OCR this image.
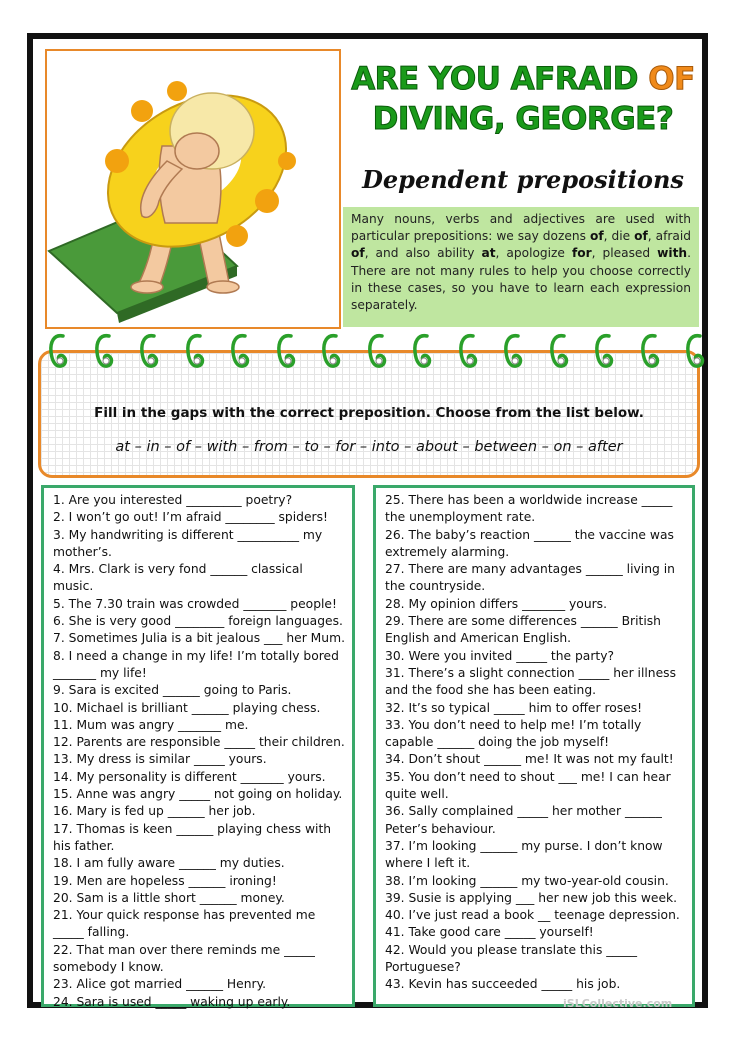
ARE YOU AFRAID OF
DIVING, GEORGE?
Dependent prepositions
Many nouns, verbs and adjectives are used with particular prepositions: we say dozens of, die of, afraid of, and also ability at, apologize for, pleased with. There are not many rules to help you choose correctly in these cases, so you have to learn each expression separately.
Fill in the gaps with the correct preposition. Choose from the list below.
at – in – of – with – from – to – for – into – about – between – on – after
1. Are you interested _________ poetry?
2. I won’t go out! I’m afraid ________ spiders!
3. My handwriting is different __________ my mother’s.
4. Mrs. Clark is very fond ______ classical music.
5. The 7.30 train was crowded _______ people!
6. She is very good ________ foreign languages.
7. Sometimes Julia is a bit jealous ___ her Mum.
8. I need a change in my life! I’m totally bored _______ my life!
9. Sara is excited ______ going to Paris.
10. Michael is brilliant ______ playing chess.
11. Mum was angry _______ me.
12. Parents are responsible _____ their children.
13. My dress is similar _____ yours.
14. My personality is different _______ yours.
15. Anne was angry _____ not going on holiday.
16. Mary is fed up ______ her job.
17. Thomas is keen ______ playing chess with his father.
18. I am fully aware ______ my duties.
19. Men are hopeless ______ ironing!
20. Sam is a little short ______ money.
21. Your quick response has prevented me _____ falling.
22. That man over there reminds me _____ somebody I know.
23. Alice got married ______ Henry.
24. Sara is used _____ waking up early.
25. There has been a worldwide increase _____ the unemployment rate.
26. The baby’s reaction ______ the vaccine was extremely alarming.
27. There are many advantages ______ living in the countryside.
28. My opinion differs _______ yours.
29. There are some differences ______ British English and American English.
30. Were you invited _____ the party?
31. There’s a slight connection _____ her illness and the food she has been eating.
32. It’s so typical _____ him to offer roses!
33. You don’t need to help me! I’m totally capable ______ doing the job myself!
34. Don’t shout ______ me! It was not my fault!
35. You don’t need to shout ___ me! I can hear quite well.
36. Sally complained _____ her mother ______ Peter’s behaviour.
37. I’m looking ______ my purse. I don’t know where I left it.
38. I’m looking ______ my two-year-old cousin.
39. Susie is applying ___ her new job this week.
40. I’ve just read a book __ teenage depression.
41. Take good care _____ yourself!
42. Would you please translate this _____ Portuguese?
43. Kevin has succeeded _____ his job.
iSLCollective.com
